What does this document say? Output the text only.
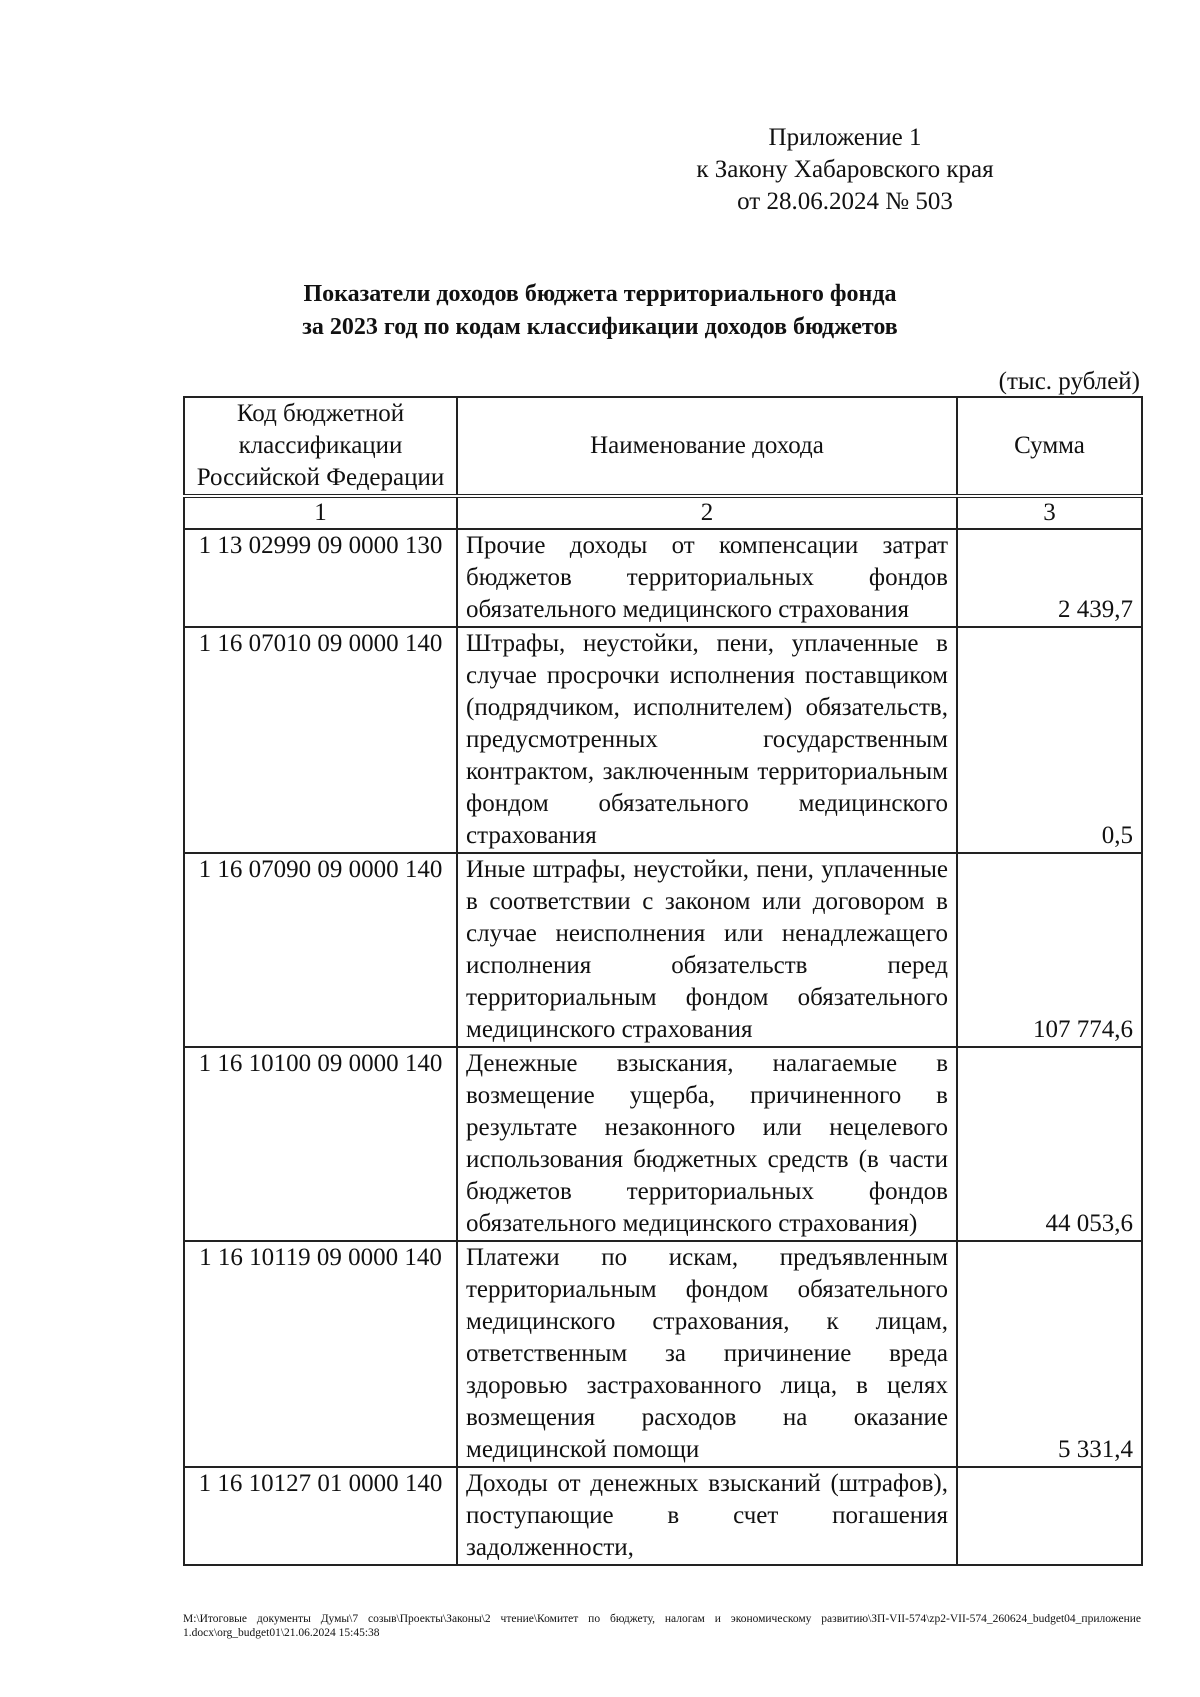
Приложение 1
к Закону Хабаровского края
от 28.06.2024 № 503
Показатели доходов бюджета территориального фонда
за 2023 год по кодам классификации доходов бюджетов
(тыс. рублей)
Код бюджетной классификации Российской Федерации	Наименование дохода	Сумма
1	2	3
1 13 02999 09 0000 130	Прочие доходы от компенсации затрат бюджетов территориальных фондов обязательного медицинского страхования	2 439,7
1 16 07010 09 0000 140	Штрафы, неустойки, пени, уплаченные в случае просрочки исполнения поставщиком (подрядчиком, исполнителем) обязательств, предусмотренных государственным контрактом, заключенным территориальным фондом обязательного медицинского страхования	0,5
1 16 07090 09 0000 140	Иные штрафы, неустойки, пени, уплаченные в соответствии с законом или договором в случае неисполнения или ненадлежащего исполнения обязательств перед территориальным фондом обязательного медицинского страхования	107 774,6
1 16 10100 09 0000 140	Денежные взыскания, налагаемые в возмещение ущерба, причиненного в результате незаконного или нецелевого использования бюджетных средств (в части бюджетов территориальных фондов обязательного медицинского страхования)	44 053,6
1 16 10119 09 0000 140	Платежи по искам, предъявленным территориальным фондом обязательного медицинского страхования, к лицам, ответственным за причинение вреда здоровью застрахованного лица, в целях возмещения расходов на оказание медицинской помощи	5 331,4
1 16 10127 01 0000 140	Доходы от денежных взысканий (штрафов), поступающие в счет погашения задолженности,	
M:\Итоговые документы Думы\7 созыв\Проекты\Законы\2 чтение\Комитет по бюджету, налогам и экономическому развитию\ЗП-VII-574\zp2-VII-574_260624_budget04_приложение 1.docx\org_budget01\21.06.2024 15:45:38
